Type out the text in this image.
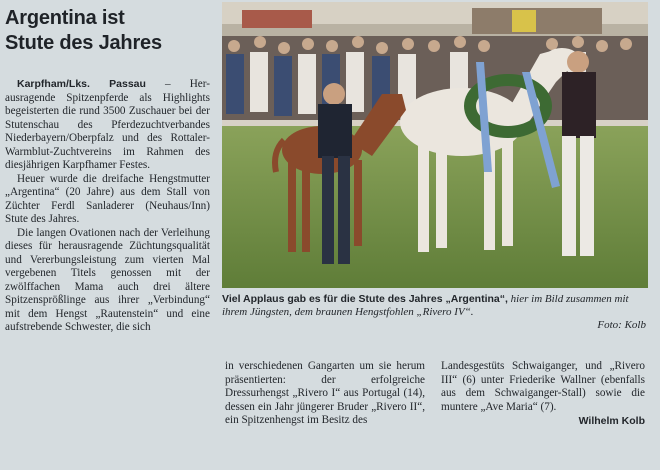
Argentina ist
Stute des Jahres

Karpfham/Lks. Passau – Her-ausragende Spitzenpferde als Highlights begeisterten die rund 3500 Zuschauer bei der Stutenschau des Pferdezuchtverbandes Niederbayern/Oberpfalz und des Rottaler-Warmblut-Zuchtvereins im Rahmen des diesjährigen Karpfhamer Festes.

Heuer wurde die dreifache Hengstmutter „Argentina“ (20 Jahre) aus dem Stall von Züchter Ferdl Sanladerer (Neuhaus/Inn) Stute des Jahres.

Die langen Ovationen nach der Verleihung dieses für herausragende Züchtungsqualität und Vererbungsleistung zum vierten Mal vergebenen Titels genossen mit der zwölffachen Mama auch drei ältere Spitzensprößlinge aus ihrer „Verbindung“ mit dem Hengst „Rautenstein“ und eine aufstrebende Schwester, die sich

Viel Applaus gab es für die Stute des Jahres „Argentina“, hier im Bild zusammen mit ihrem Jüngsten, dem braunen Hengstfohlen „Rivero IV“.
Foto: Kolb

in verschiedenen Gangarten um sie herum präsentierten: der erfolgreiche Dressurhengst „Rivero I“ aus Portugal (14), dessen ein Jahr jüngerer Bruder „Rivero II“, ein Spitzenhengst im Besitz des

Landesgestüts Schwaiganger, und „Rivero III“ (6) unter Friederike Wallner (ebenfalls aus dem Schwaiganger-Stall) sowie die muntere „Ave Maria“ (7).

Wilhelm Kolb
